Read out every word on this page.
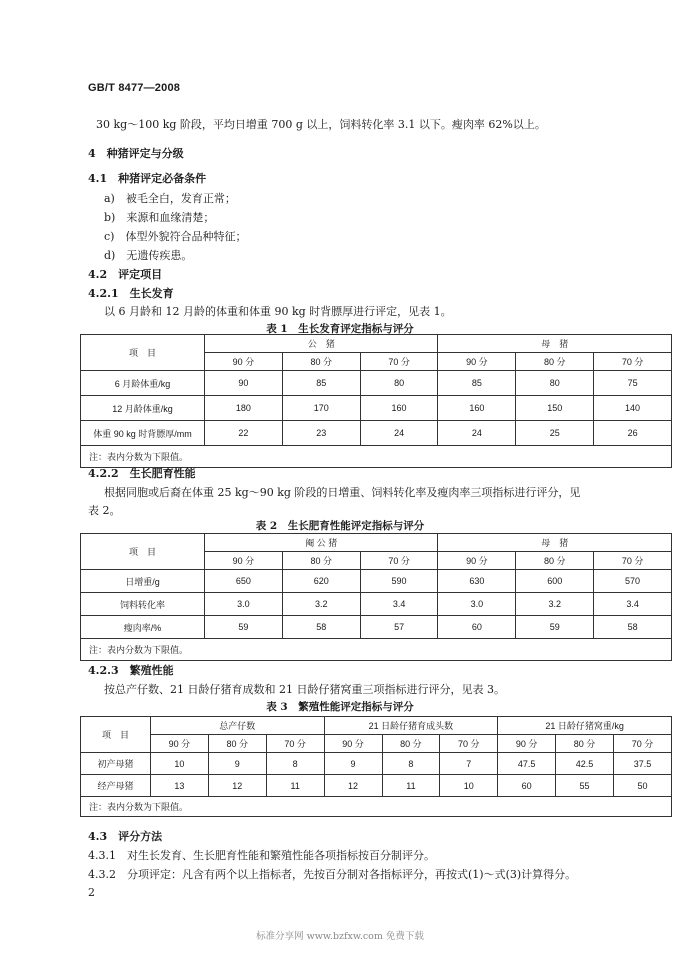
GB/T 8477—2008
30 kg～100 kg 阶段，平均日增重 700 g 以上，饲料转化率 3.1 以下。瘦肉率 62%以上。
4　种猪评定与分级
4.1　种猪评定必备条件
a)　被毛全白，发育正常；
b)　来源和血缘清楚；
c)　体型外貌符合品种特征；
d)　无遗传疾患。
4.2　评定项目
4.2.1　生长发育
以 6 月龄和 12 月龄的体重和体重 90 kg 时背膘厚进行评定，见表 1。
表 1　生长发育评定指标与评分
项　目	公　猪			母　猪		
	90 分	80 分	70 分	90 分	80 分	70 分
6 月龄体重/kg	90	85	80	85	80	75
12 月龄体重/kg	180	170	160	160	150	140
体重 90 kg 时背膘厚/mm	22	23	24	24	25	26
注：表内分数为下限值。						
4.2.2　生长肥育性能
根据同胞或后裔在体重 25 kg～90 kg 阶段的日增重、饲料转化率及瘦肉率三项指标进行评分，见
表 2。
表 2　生长肥育性能评定指标与评分
项　目	阉 公 猪			母　猪		
	90 分	80 分	70 分	90 分	80 分	70 分
日增重/g	650	620	590	630	600	570
饲料转化率	3.0	3.2	3.4	3.0	3.2	3.4
瘦肉率/%	59	58	57	60	59	58
注：表内分数为下限值。						
4.2.3　繁殖性能
按总产仔数、21 日龄仔猪育成数和 21 日龄仔猪窝重三项指标进行评分，见表 3。
表 3　繁殖性能评定指标与评分
项　目	总产仔数			21 日龄仔猪育成头数			21 日龄仔猪窝重/kg		
	90 分	80 分	70 分	90 分	80 分	70 分	90 分	80 分	70 分
初产母猪	10	9	8	9	8	7	47.5	42.5	37.5
经产母猪	13	12	11	12	11	10	60	55	50
注：表内分数为下限值。									
4.3　评分方法
4.3.1　对生长发育、生长肥育性能和繁殖性能各项指标按百分制评分。
4.3.2　分项评定：凡含有两个以上指标者，先按百分制对各指标评分，再按式(1)～式(3)计算得分。
2
标准分享网 www.bzfxw.com 免费下载
